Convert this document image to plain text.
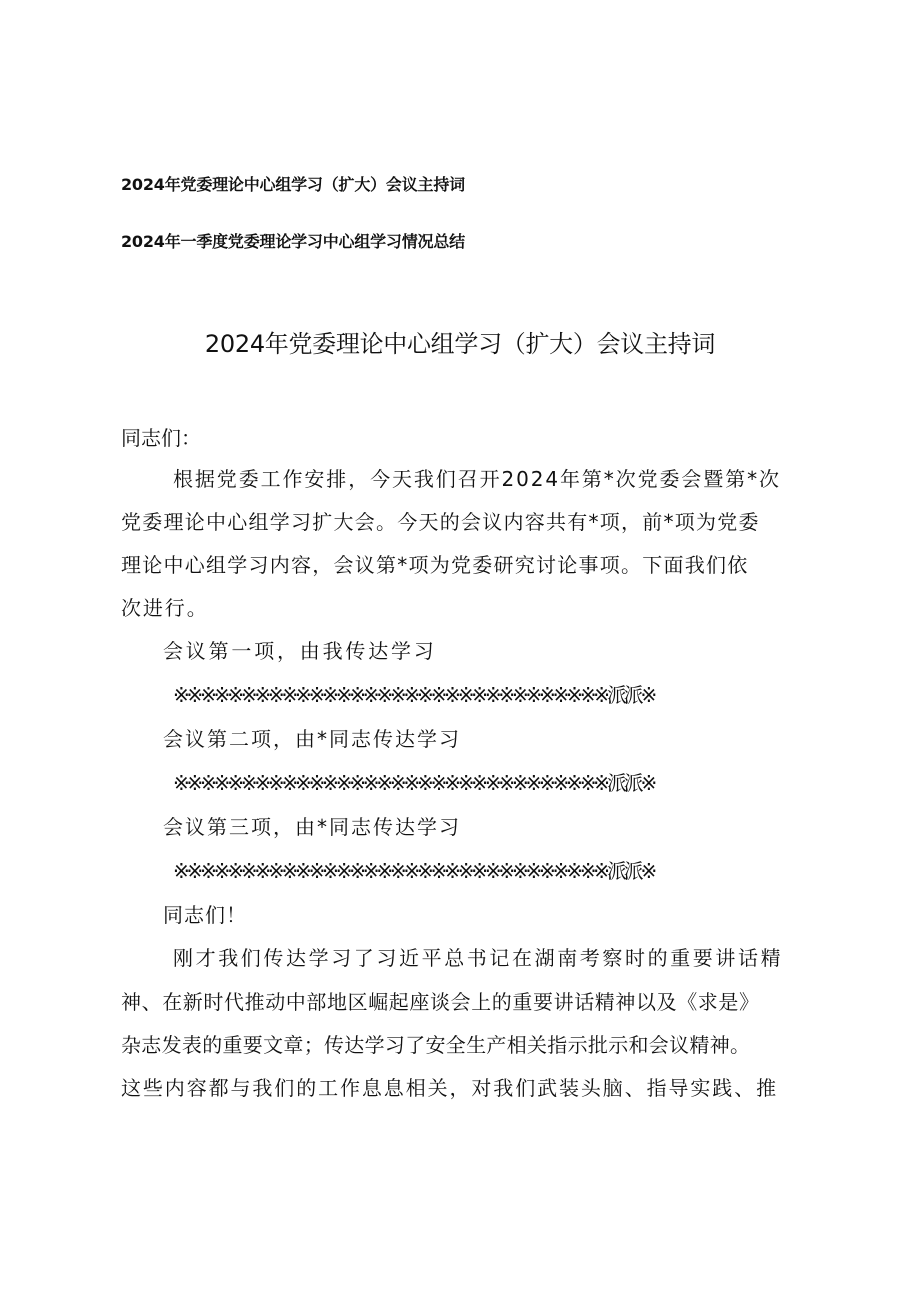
2024年党委理论中心组学习（扩大）会议主持词
2024年一季度党委理论学习中心组学习情况总结
2024年党委理论中心组学习（扩大）会议主持词
同志们：
根据党委工作安排，今天我们召开2024年第*次党委会暨第*次
党委理论中心组学习扩大会。今天的会议内容共有*项，前*项为党委
理论中心组学习内容，会议第*项为党委研究讨论事项。下面我们依
次进行。
会议第一项，由我传达学习
※※※※※※※※※※※※※※※※※※※※※※※※※※※※※※※※派派※
会议第二项，由*同志传达学习
※※※※※※※※※※※※※※※※※※※※※※※※※※※※※※※※派派※
会议第三项，由*同志传达学习
※※※※※※※※※※※※※※※※※※※※※※※※※※※※※※※※派派※
同志们！
刚才我们传达学习了习近平总书记在湖南考察时的重要讲话精
神、在新时代推动中部地区崛起座谈会上的重要讲话精神以及《求是》
杂志发表的重要文章；传达学习了安全生产相关指示批示和会议精神。
这些内容都与我们的工作息息相关，对我们武装头脑、指导实践、推
